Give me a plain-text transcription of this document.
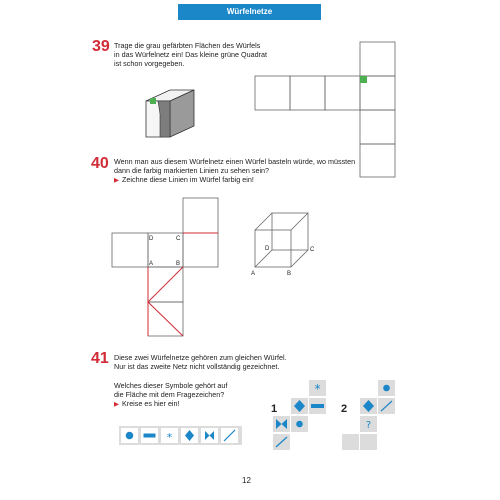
Würfelnetze
39 Trage die grau gefärbten Flächen des Würfels
in das Würfelnetz ein! Das kleine grüne Quadrat
ist schon vorgegeben.
40 Wenn man aus diesem Würfelnetz einen Würfel basteln würde, wo müssten
dann die farbig markierten Linien zu sehen sein?
▶ Zeichne diese Linien im Würfel farbig ein!
41 Diese zwei Würfelnetze gehören zum gleichen Würfel.
Nur ist das zweite Netz nicht vollständig gezeichnet.
Welches dieser Symbole gehört auf
die Fläche mit dem Fragezeichen?
▶ Kreise es hier ein!
12
D	C
A	B
D	C
A	B
*
1
*
2
?
